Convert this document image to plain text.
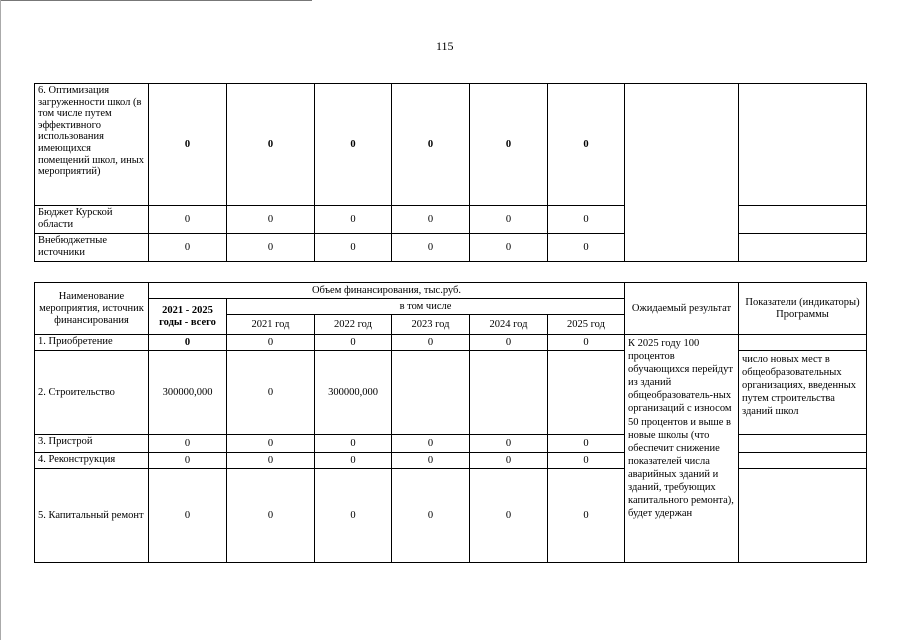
115
6. Оптимизация загруженности школ (в том числе путем эффективного использования имеющихся помещений школ, иных мероприятий)	0	0	0	0	0	0		
Бюджет Курской области	0	0	0	0	0	0		
Внебюджетные источники	0	0	0	0	0	0		
Наименование мероприятия, источник финансирования	Объем финансирования, тыс.руб.						Ожидаемый результат	Показатели (индикаторы) Программы
	2021 - 2025 годы - всего	в том числе						
		2021 год	2022 год	2023 год	2024 год	2025 год		
1. Приобретение	0	0	0	0	0	0	К 2025 году 100 процентов обучающихся перейдут из зданий общеобразователь-ных организаций с износом 50 процентов и выше в новые школы (что обеспечит снижение показателей числа аварийных зданий и зданий, требующих капитального ремонта), будет удержан	
2. Строительство	300000,000	0	300000,000					число новых мест в общеобразовательных организациях, введенных путем строительства зданий школ
3. Пристрой	0	0	0	0	0	0		
4. Реконструкция	0	0	0	0	0	0		
5. Капитальный ремонт	0	0	0	0	0	0		
